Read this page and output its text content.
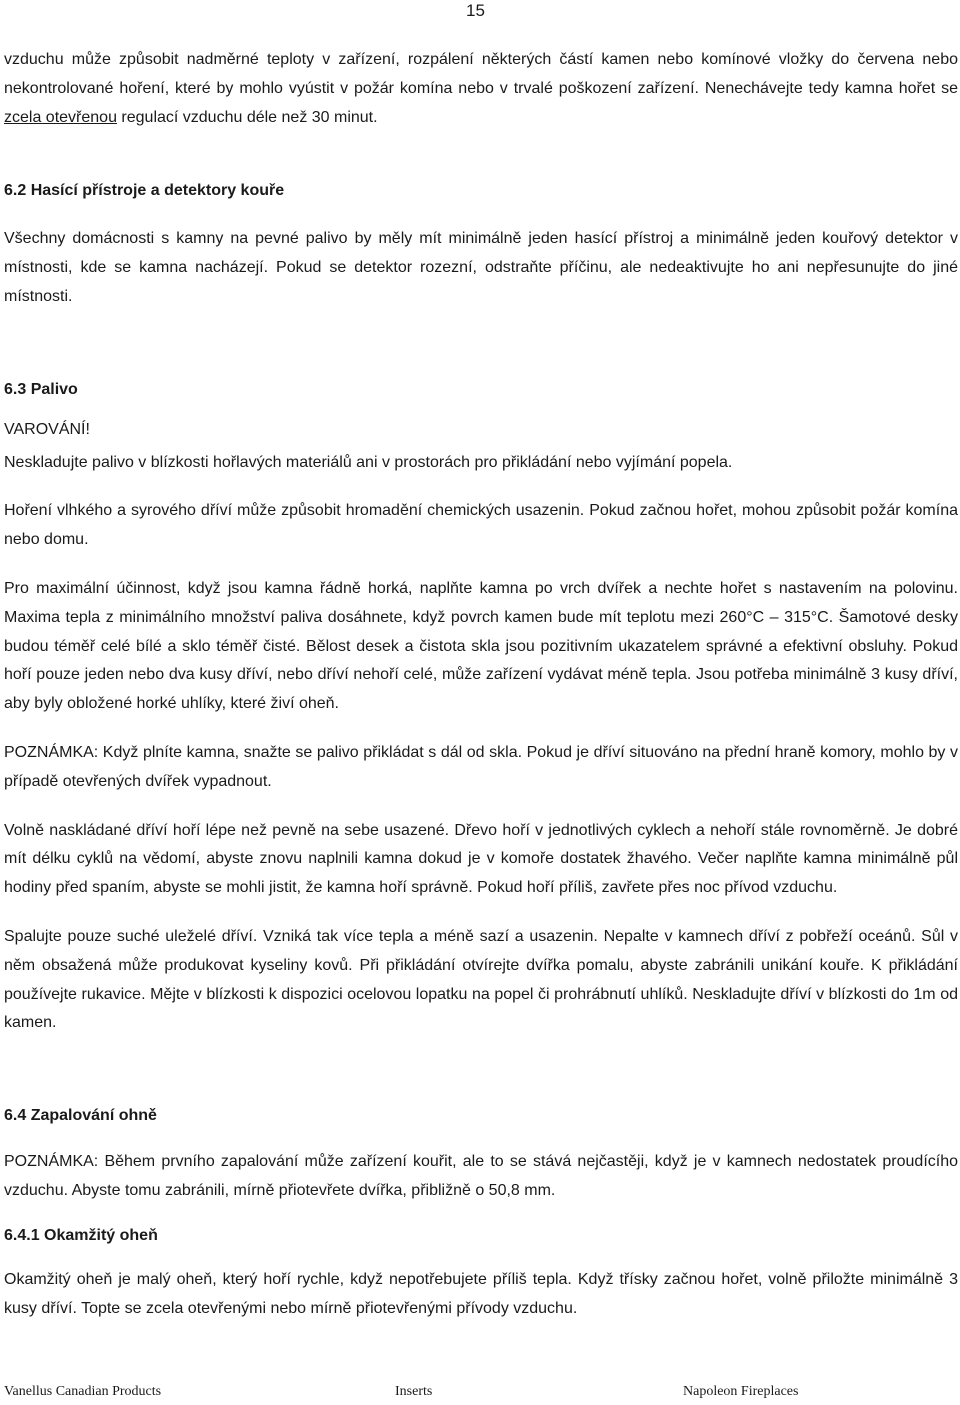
15

vzduchu může způsobit nadměrné teploty v zařízení, rozpálení některých částí kamen nebo komínové vložky do červena nebo nekontrolované hoření, které by mohlo vyústit v požár komína nebo v trvalé poškození zařízení. Nenechávejte tedy kamna hořet se zcela otevřenou regulací vzduchu déle než 30 minut.

6.2 Hasící přístroje a detektory kouře

Všechny domácnosti s kamny na pevné palivo by měly mít minimálně jeden hasící přístroj a minimálně jeden kouřový detektor v místnosti, kde se kamna nacházejí. Pokud se detektor rozezní, odstraňte příčinu, ale nedeaktivujte ho ani nepřesunujte do jiné místnosti.

6.3 Palivo

VAROVÁNÍ!

Neskladujte palivo v blízkosti hořlavých materiálů ani v prostorách pro přikládání nebo vyjímání popela.

Hoření vlhkého a syrového dříví může způsobit hromadění chemických usazenin. Pokud začnou hořet, mohou způsobit požár komína nebo domu.

Pro maximální účinnost, když jsou kamna řádně horká, naplňte kamna po vrch dvířek a nechte hořet s nastavením na polovinu. Maxima tepla z minimálního množství paliva dosáhnete, když povrch kamen bude mít teplotu mezi 260°C – 315°C. Šamotové desky budou téměř celé bílé a sklo téměř čisté. Bělost desek a čistota skla jsou pozitivním ukazatelem správné a efektivní obsluhy. Pokud hoří pouze jeden nebo dva kusy dříví, nebo dříví nehoří celé, může zařízení vydávat méně tepla. Jsou potřeba minimálně 3 kusy dříví, aby byly obložené horké uhlíky, které živí oheň.

POZNÁMKA: Když plníte kamna, snažte se palivo přikládat s dál od skla. Pokud je dříví situováno na přední hraně komory, mohlo by v případě otevřených dvířek vypadnout.

Volně naskládané dříví hoří lépe než pevně na sebe usazené. Dřevo hoří v jednotlivých cyklech a nehoří stále rovnoměrně. Je dobré mít délku cyklů na vědomí, abyste znovu naplnili kamna dokud je v komoře dostatek žhavého. Večer naplňte kamna minimálně půl hodiny před spaním, abyste se mohli jistit, že kamna hoří správně. Pokud hoří příliš, zavřete přes noc přívod vzduchu.

Spalujte pouze suché uleželé dříví. Vzniká tak více tepla a méně sazí a usazenin. Nepalte v kamnech dříví z pobřeží oceánů. Sůl v něm obsažená může produkovat kyseliny kovů. Při přikládání otvírejte dvířka pomalu, abyste zabránili unikání kouře. K přikládání používejte rukavice. Mějte v blízkosti k dispozici ocelovou lopatku na popel či prohrábnutí uhlíků. Neskladujte dříví v blízkosti do 1m od kamen.

6.4 Zapalování ohně

POZNÁMKA: Během prvního zapalování může zařízení kouřit, ale to se stává nejčastěji, když je v kamnech nedostatek proudícího vzduchu. Abyste tomu zabránili, mírně přiotevřete dvířka, přibližně o 50,8 mm.

6.4.1 Okamžitý oheň

Okamžitý oheň je malý oheň, který hoří rychle, když nepotřebujete příliš tepla. Když třísky začnou hořet, volně přiložte minimálně 3 kusy dříví. Topte se zcela otevřenými nebo mírně přiotevřenými přívody vzduchu.

Vanellus Canadian Products	Inserts	Napoleon Fireplaces
